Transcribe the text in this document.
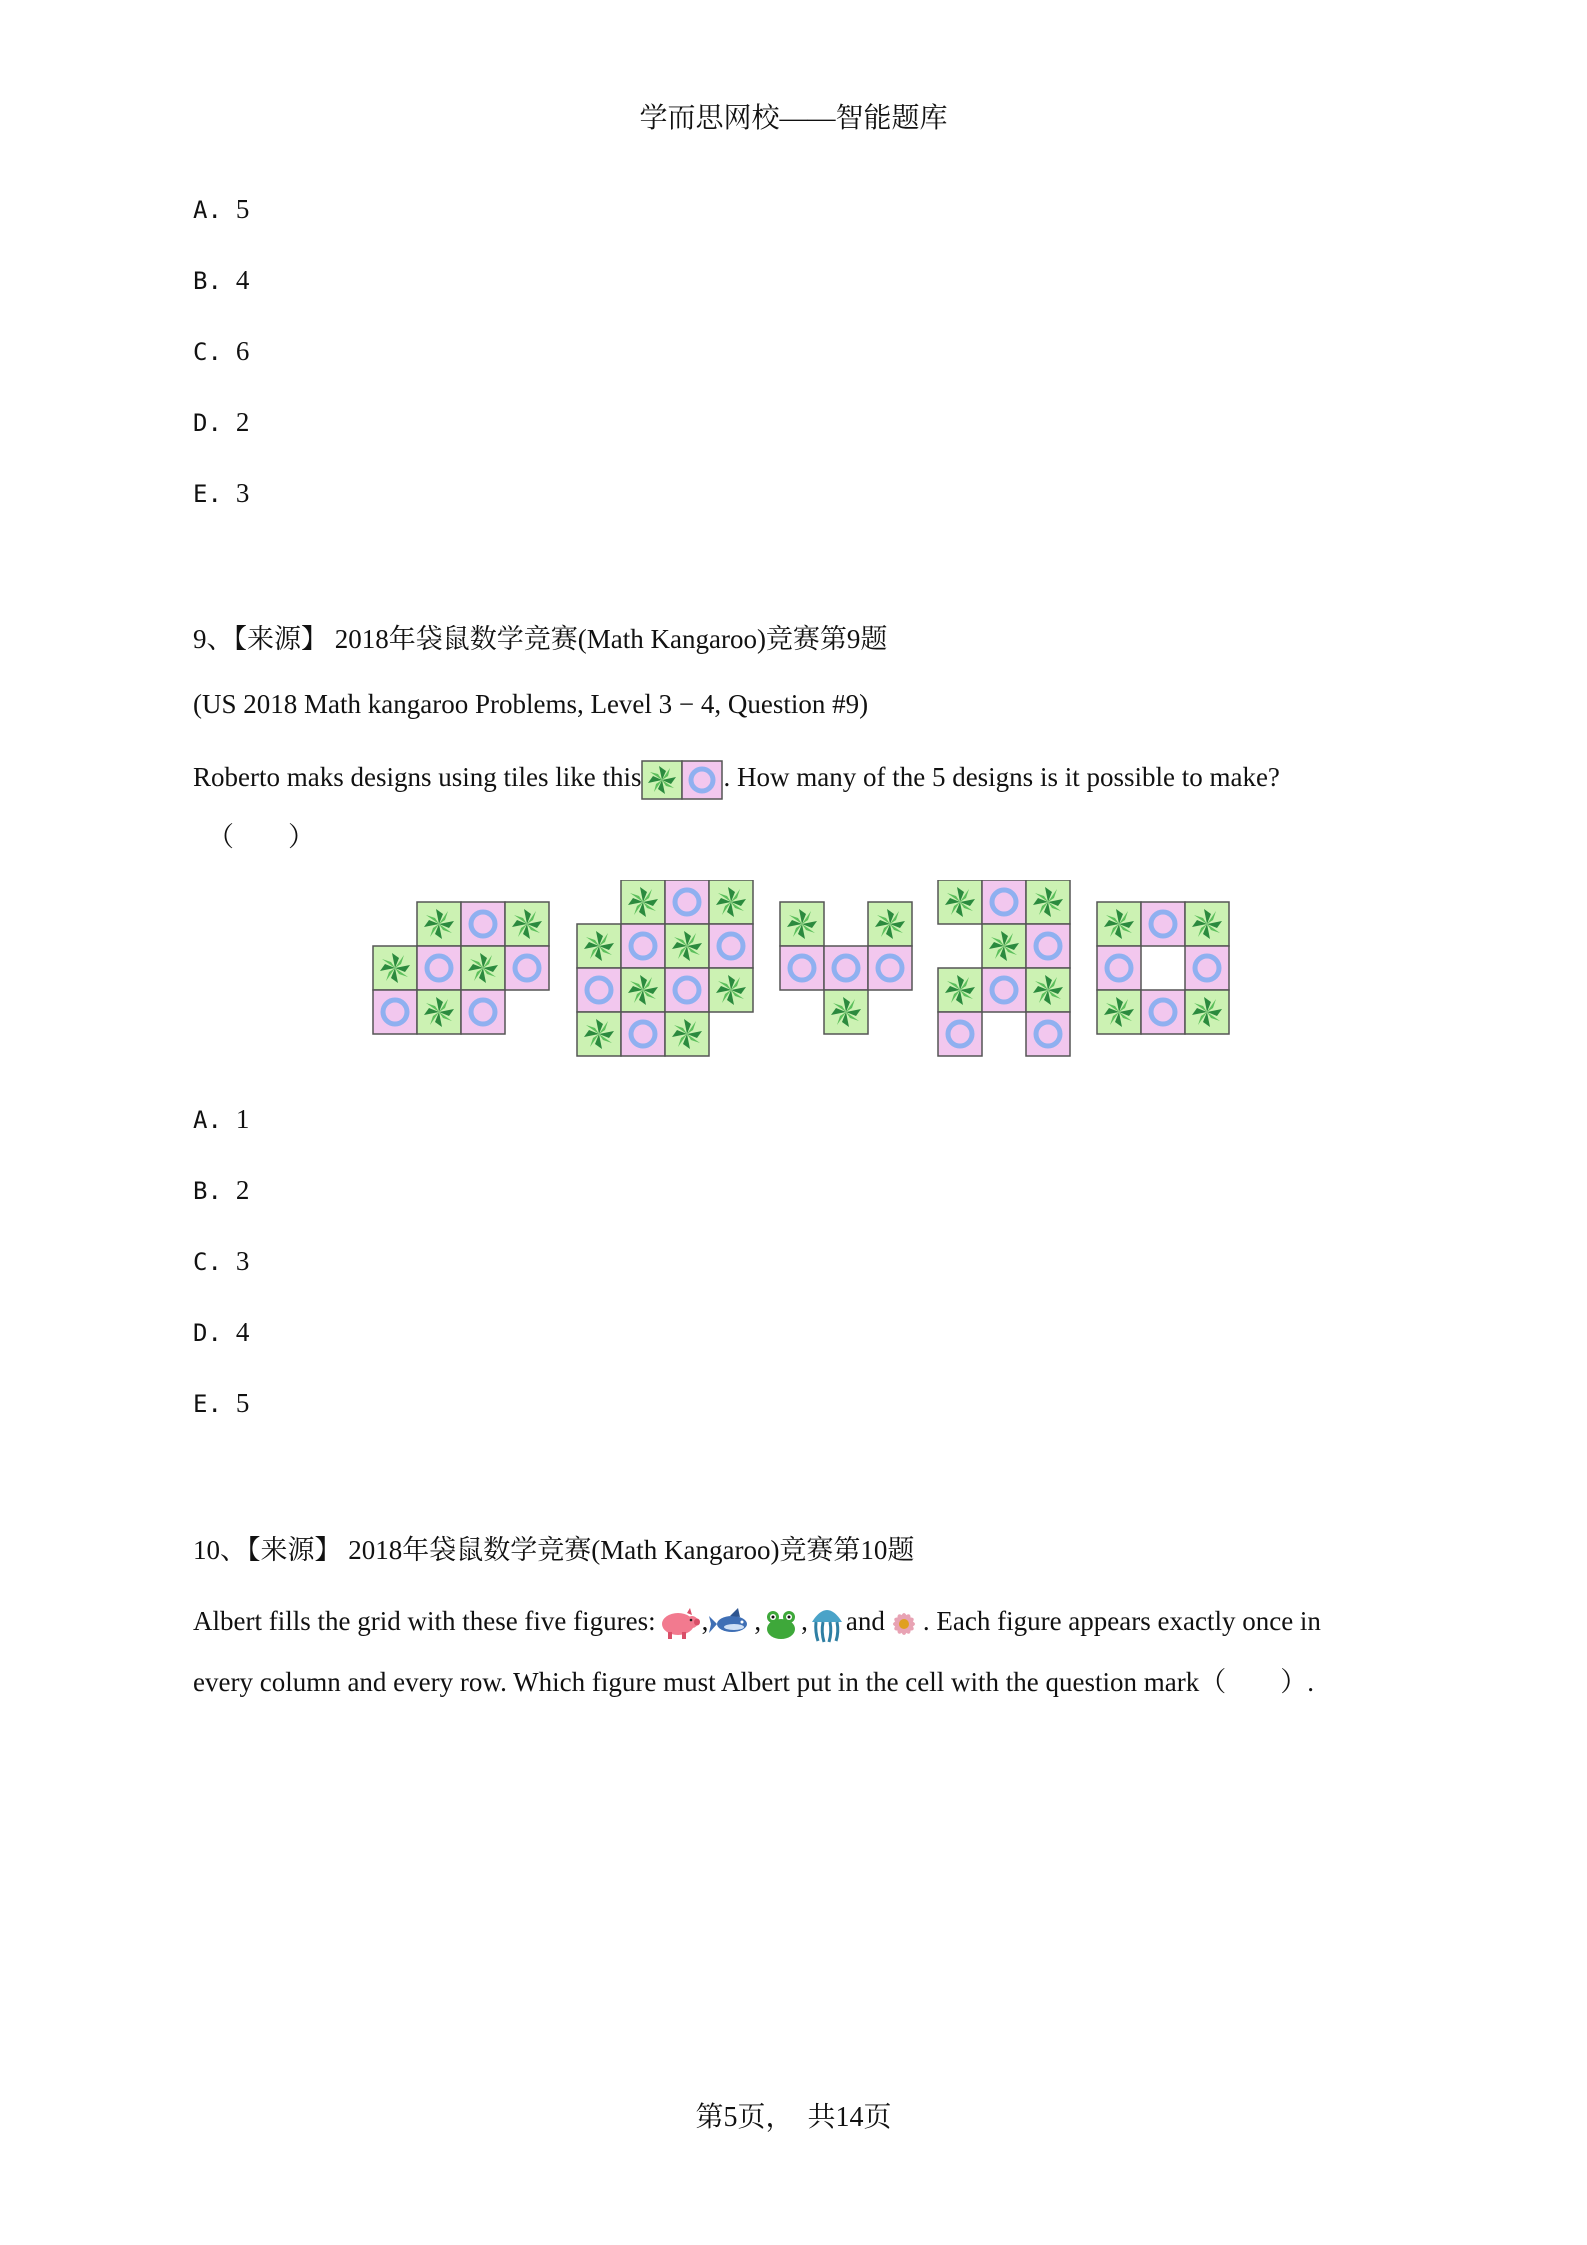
学而思网校——智能题库
A. 5
B. 4
C. 6
D. 2
E. 3
9、【来源】 2018年袋鼠数学竞赛(Math Kangaroo)竞赛第9题
(US 2018 Math kangaroo Problems, Level 3 − 4, Question #9)
Roberto maks designs using tiles like this	. How many of the 5 designs is it possible to make?
（　　）
A. 1
B. 2
C. 3
D. 4
E. 5
10、【来源】 2018年袋鼠数学竞赛(Math Kangaroo)竞赛第10题
Albert fills the grid with these five figures: , , , and . Each figure appears exactly once in
every column and every row. Which figure must Albert put in the cell with the question mark（　　）.
第5页，　共14页
